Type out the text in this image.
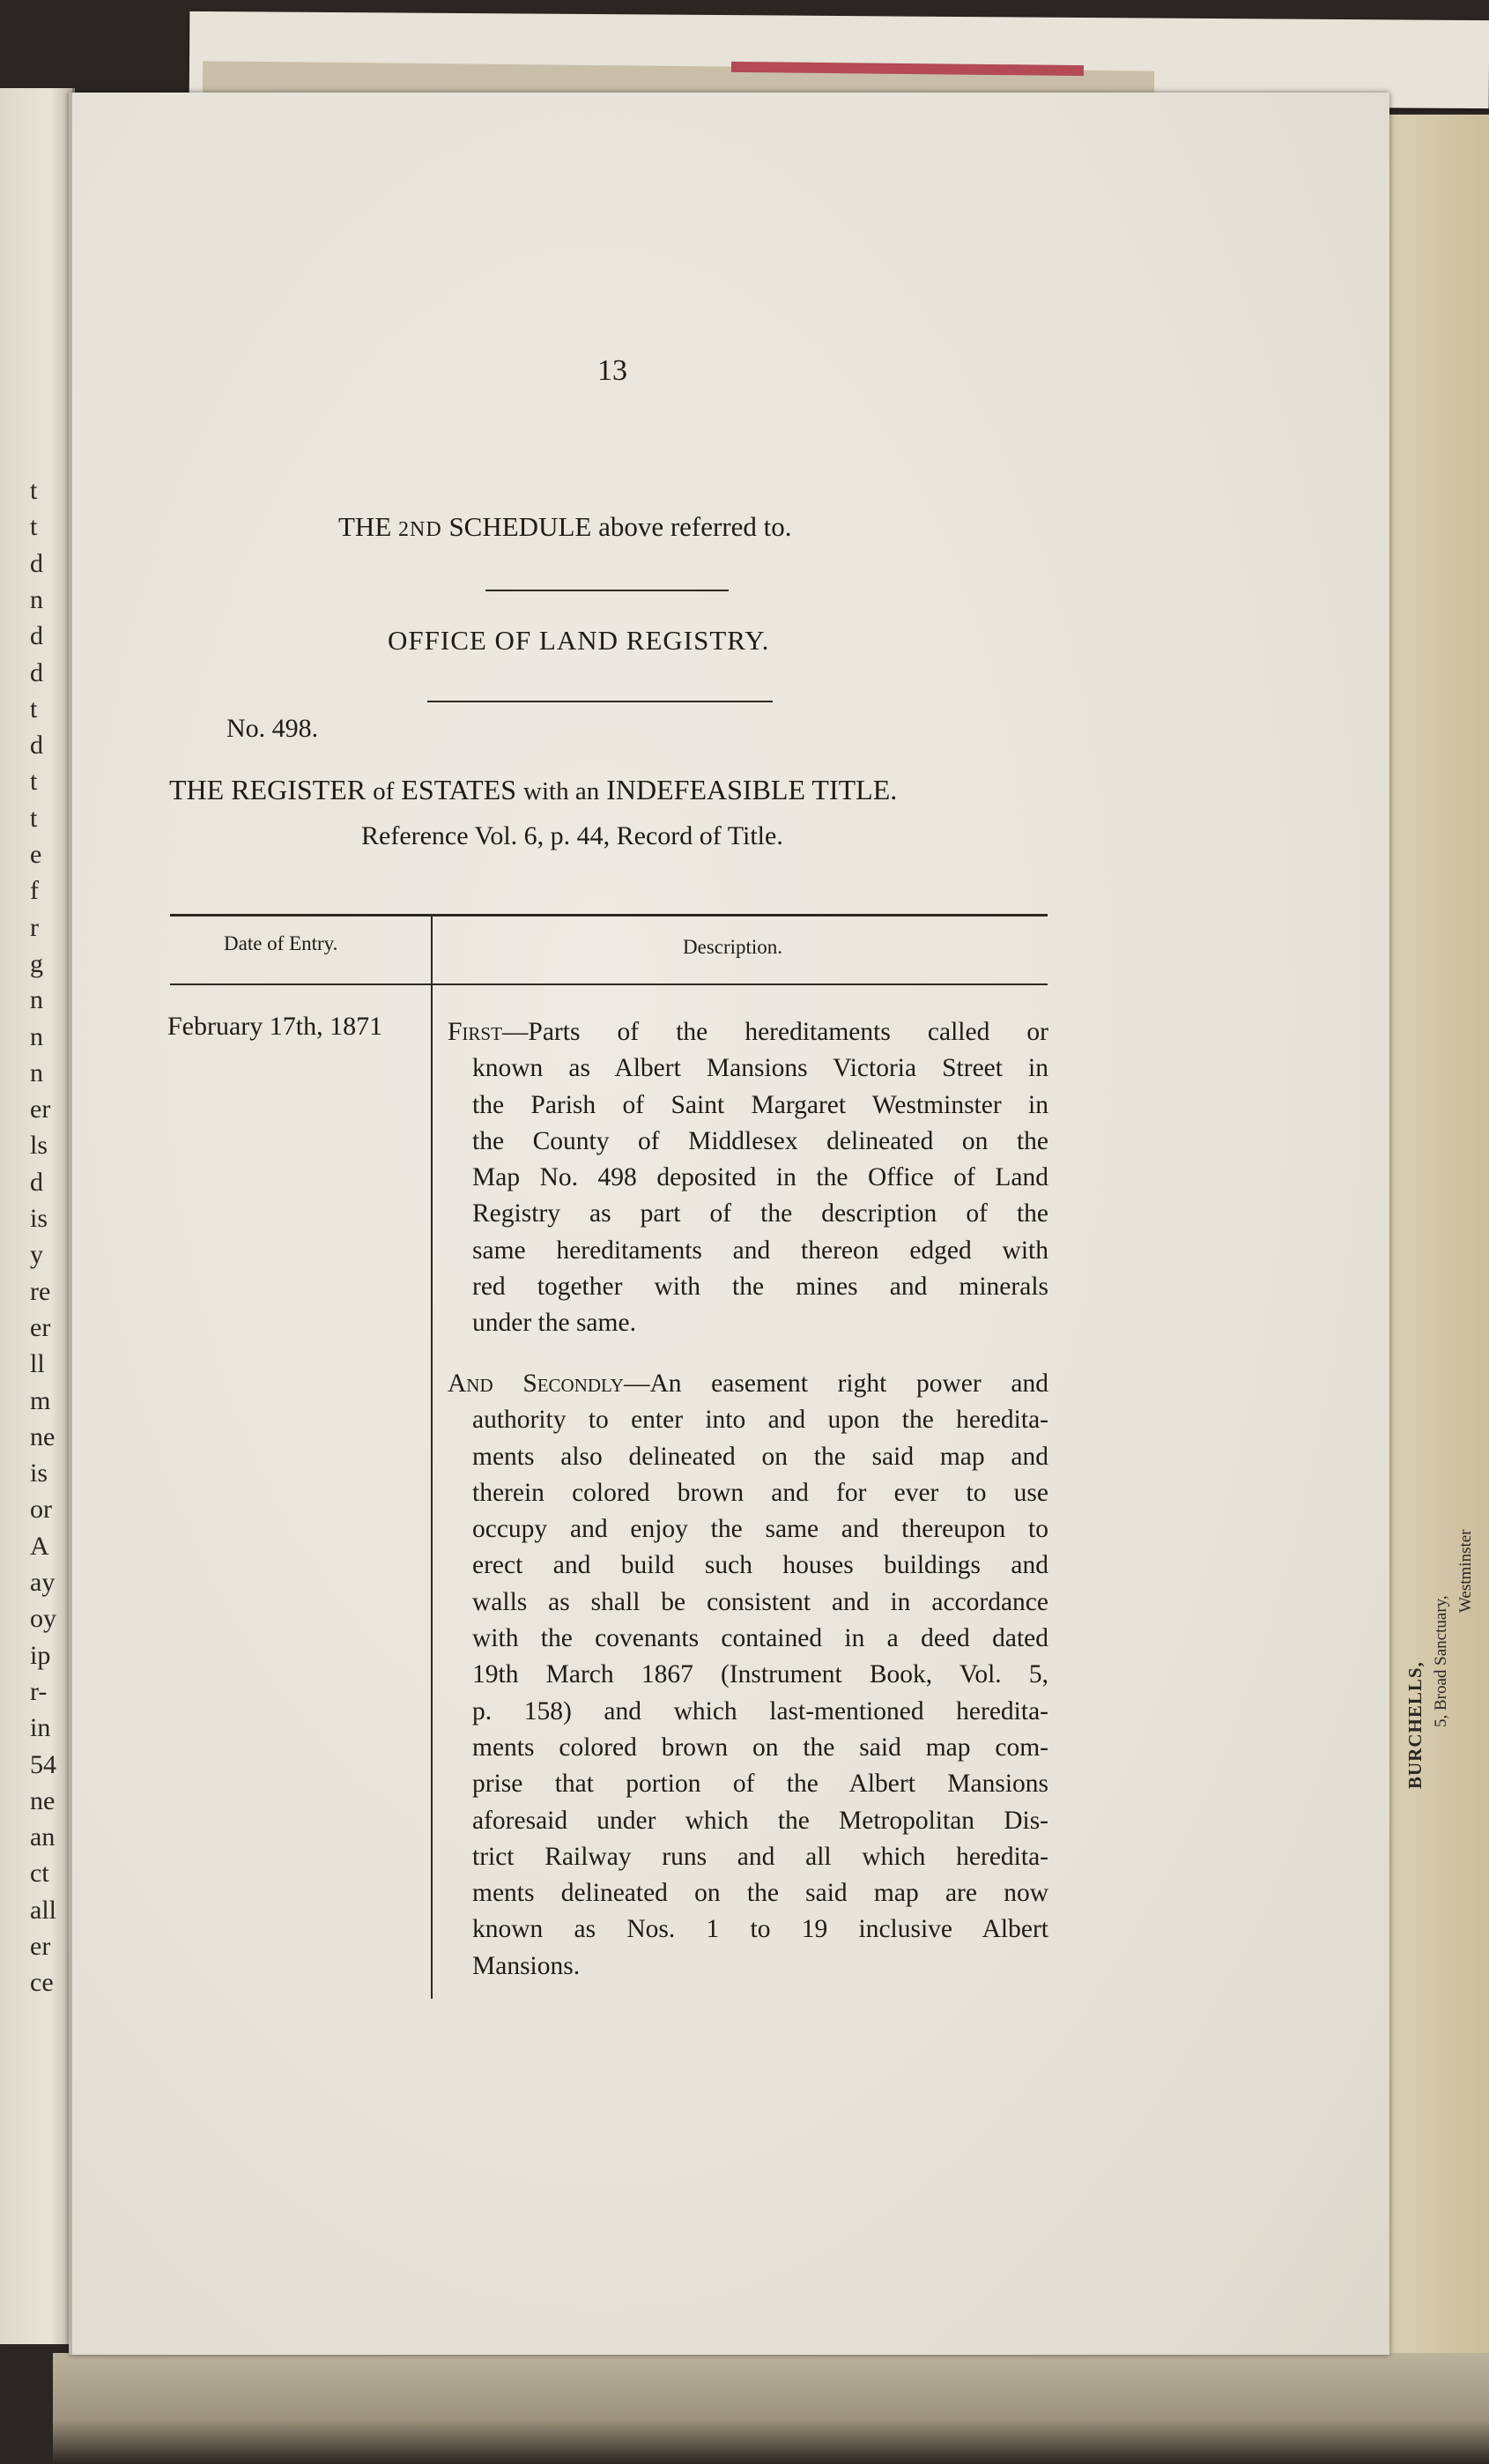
t
t
d
n
d
d
t
d
t
t
e
f
r
g
n
n
n
er
ls
d
is
y
re
er
ll
m
ne
is
or
A
ay
oy
ip
r-
in
54
ne
an
ct
all
er
ce
BURCHELLS, 5, Broad Sanctuary,
Westminster
13
THE 2ND SCHEDULE above referred to.
OFFICE OF LAND REGISTRY.
No. 498.
THE REGISTER of ESTATES with an INDEFEASIBLE TITLE.
Reference Vol. 6, p. 44, Record of Title.
Date of Entry.	Description.
February 17th, 1871	First—Parts of the hereditaments called or
known as Albert Mansions Victoria Street in
the Parish of Saint Margaret Westminster in
the County of Middlesex delineated on the
Map No. 498 deposited in the Office of Land
Registry as part of the description of the
same hereditaments and thereon edged with
red together with the mines and minerals
under the same.
And Secondly—An easement right power and
authority to enter into and upon the heredita-
ments also delineated on the said map and
therein colored brown and for ever to use
occupy and enjoy the same and thereupon to
erect and build such houses buildings and
walls as shall be consistent and in accordance
with the covenants contained in a deed dated
19th March 1867 (Instrument Book, Vol. 5,
p. 158) and which last-mentioned heredita-
ments colored brown on the said map com-
prise that portion of the Albert Mansions
aforesaid under which the Metropolitan Dis-
trict Railway runs and all which heredita-
ments delineated on the said map are now
known as Nos. 1 to 19 inclusive Albert
Mansions.
